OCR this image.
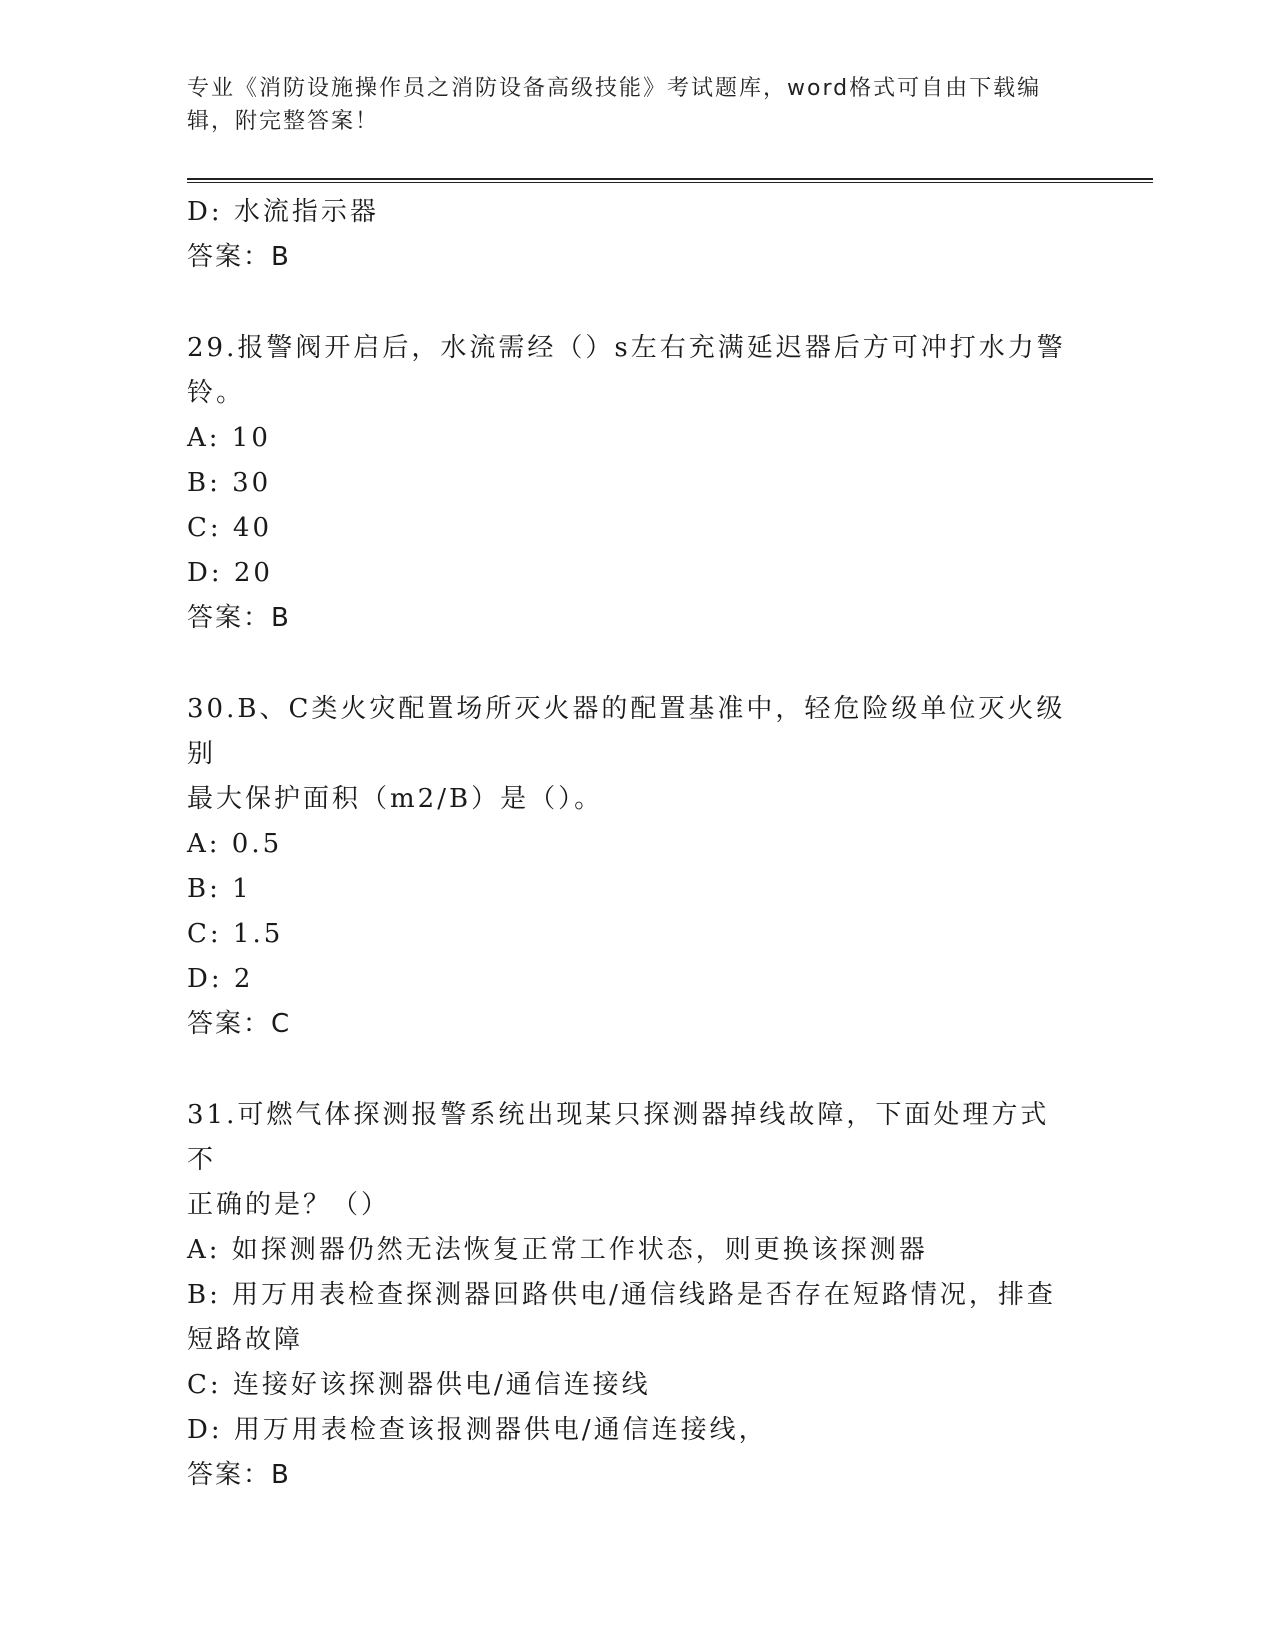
专业《消防设施操作员之消防设备高级技能》考试题库，word格式可自由下载编辑，附完整答案！
D: 水流指示器
答案：B
29.报警阀开启后，水流需经（）s左右充满延迟器后方可冲打水力警
铃。
A: 10
B: 30
C: 40
D: 20
答案：B
30.B、C类火灾配置场所灭火器的配置基准中，轻危险级单位灭火级别
最大保护面积（m2/B）是（）。
A: 0.5
B: 1
C: 1.5
D: 2
答案：C
31.可燃气体探测报警系统出现某只探测器掉线故障，下面处理方式不
正确的是？（）
A: 如探测器仍然无法恢复正常工作状态，则更换该探测器
B: 用万用表检查探测器回路供电/通信线路是否存在短路情况，排查
短路故障
C: 连接好该探测器供电/通信连接线
D: 用万用表检查该报测器供电/通信连接线，
答案：B
